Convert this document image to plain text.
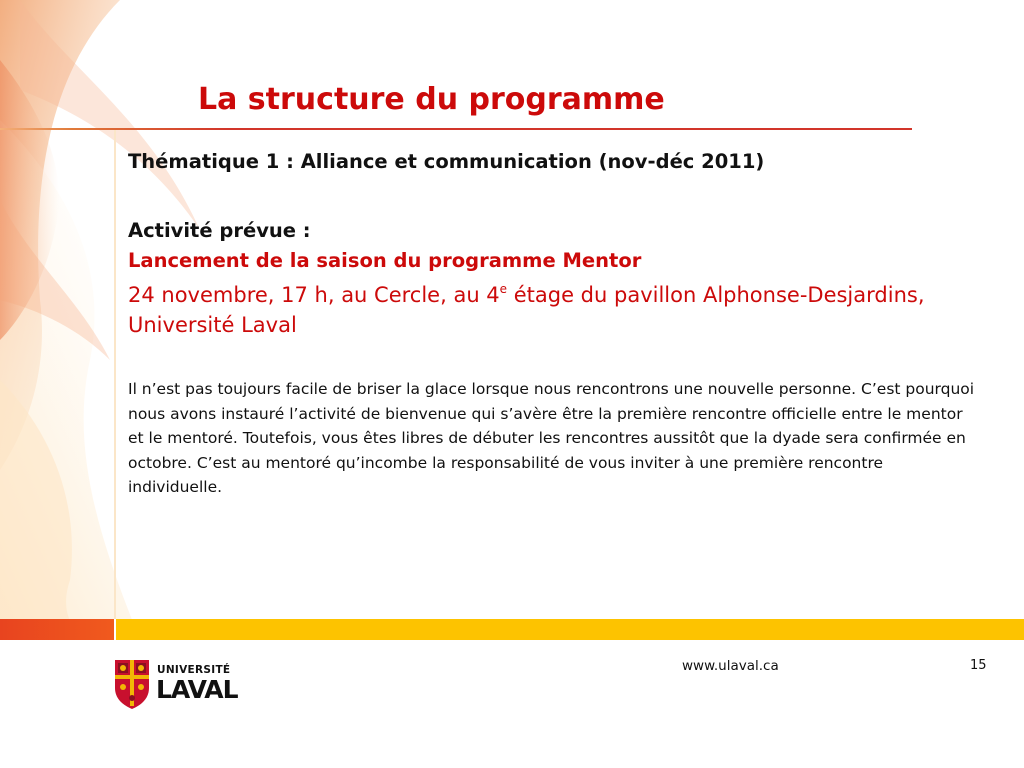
La structure du programme

Thématique 1 : Alliance et communication (nov-déc 2011)

Activité prévue :

Lancement de la saison du programme Mentor

24 novembre, 17 h, au Cercle, au 4e étage du pavillon Alphonse-Desjardins, Université Laval

Il n’est pas toujours facile de briser la glace lorsque nous rencontrons une nouvelle personne. C’est pourquoi nous avons instauré l’activité de bienvenue qui s’avère être la première rencontre officielle entre le mentor et le mentoré. Toutefois, vous êtes libres de débuter les rencontres aussitôt que la dyade sera confirmée en octobre. C’est au mentoré qu’incombe la responsabilité de vous inviter à une première rencontre individuelle.

UNIVERSITÉ
LAVAL
www.ulaval.ca	15
